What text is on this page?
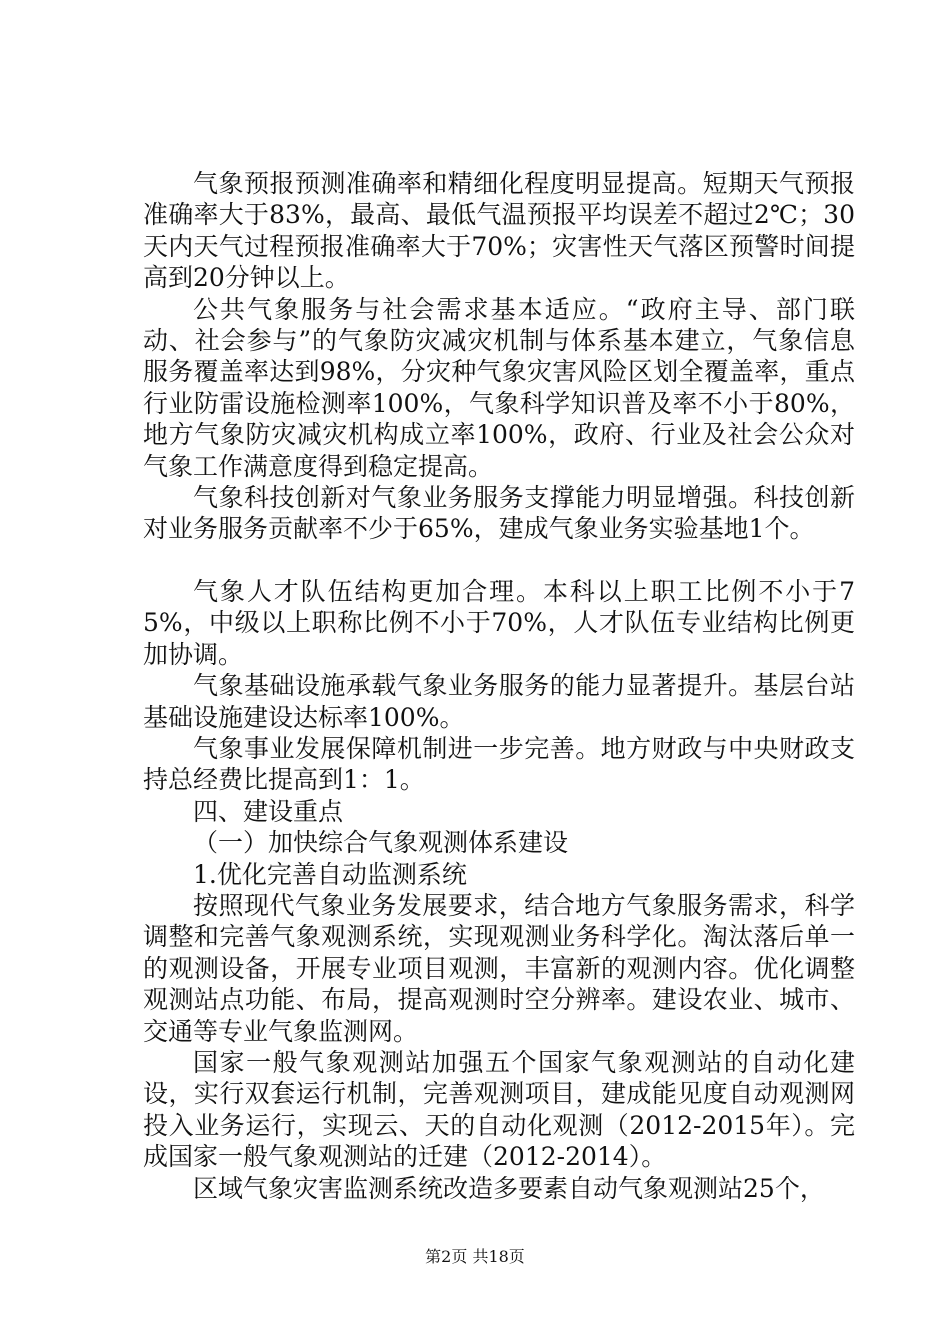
气象预报预测准确率和精细化程度明显提高。短期天气预报准确率大于83%，最高、最低气温预报平均误差不超过2℃；30天内天气过程预报准确率大于70%；灾害性天气落区预警时间提高到20分钟以上。

公共气象服务与社会需求基本适应。“政府主导、部门联动、社会参与”的气象防灾减灾机制与体系基本建立，气象信息服务覆盖率达到98%，分灾种气象灾害风险区划全覆盖率，重点行业防雷设施检测率100%，气象科学知识普及率不小于80%，地方气象防灾减灾机构成立率100%，政府、行业及社会公众对气象工作满意度得到稳定提高。

气象科技创新对气象业务服务支撑能力明显增强。科技创新对业务服务贡献率不少于65%，建成气象业务实验基地1个。

气象人才队伍结构更加合理。本科以上职工比例不小于75%，中级以上职称比例不小于70%，人才队伍专业结构比例更加协调。

气象基础设施承载气象业务服务的能力显著提升。基层台站基础设施建设达标率100%。

气象事业发展保障机制进一步完善。地方财政与中央财政支持总经费比提高到1：1。

四、建设重点

（一）加快综合气象观测体系建设

1.优化完善自动监测系统

按照现代气象业务发展要求，结合地方气象服务需求，科学调整和完善气象观测系统，实现观测业务科学化。淘汰落后单一的观测设备，开展专业项目观测，丰富新的观测内容。优化调整观测站点功能、布局，提高观测时空分辨率。建设农业、城市、交通等专业气象监测网。

国家一般气象观测站加强五个国家气象观测站的自动化建设，实行双套运行机制，完善观测项目，建成能见度自动观测网投入业务运行，实现云、天的自动化观测（2012-2015年）。完成国家一般气象观测站的迁建（2012-2014）。

区域气象灾害监测系统改造多要素自动气象观测站25个，

第2页 共18页
